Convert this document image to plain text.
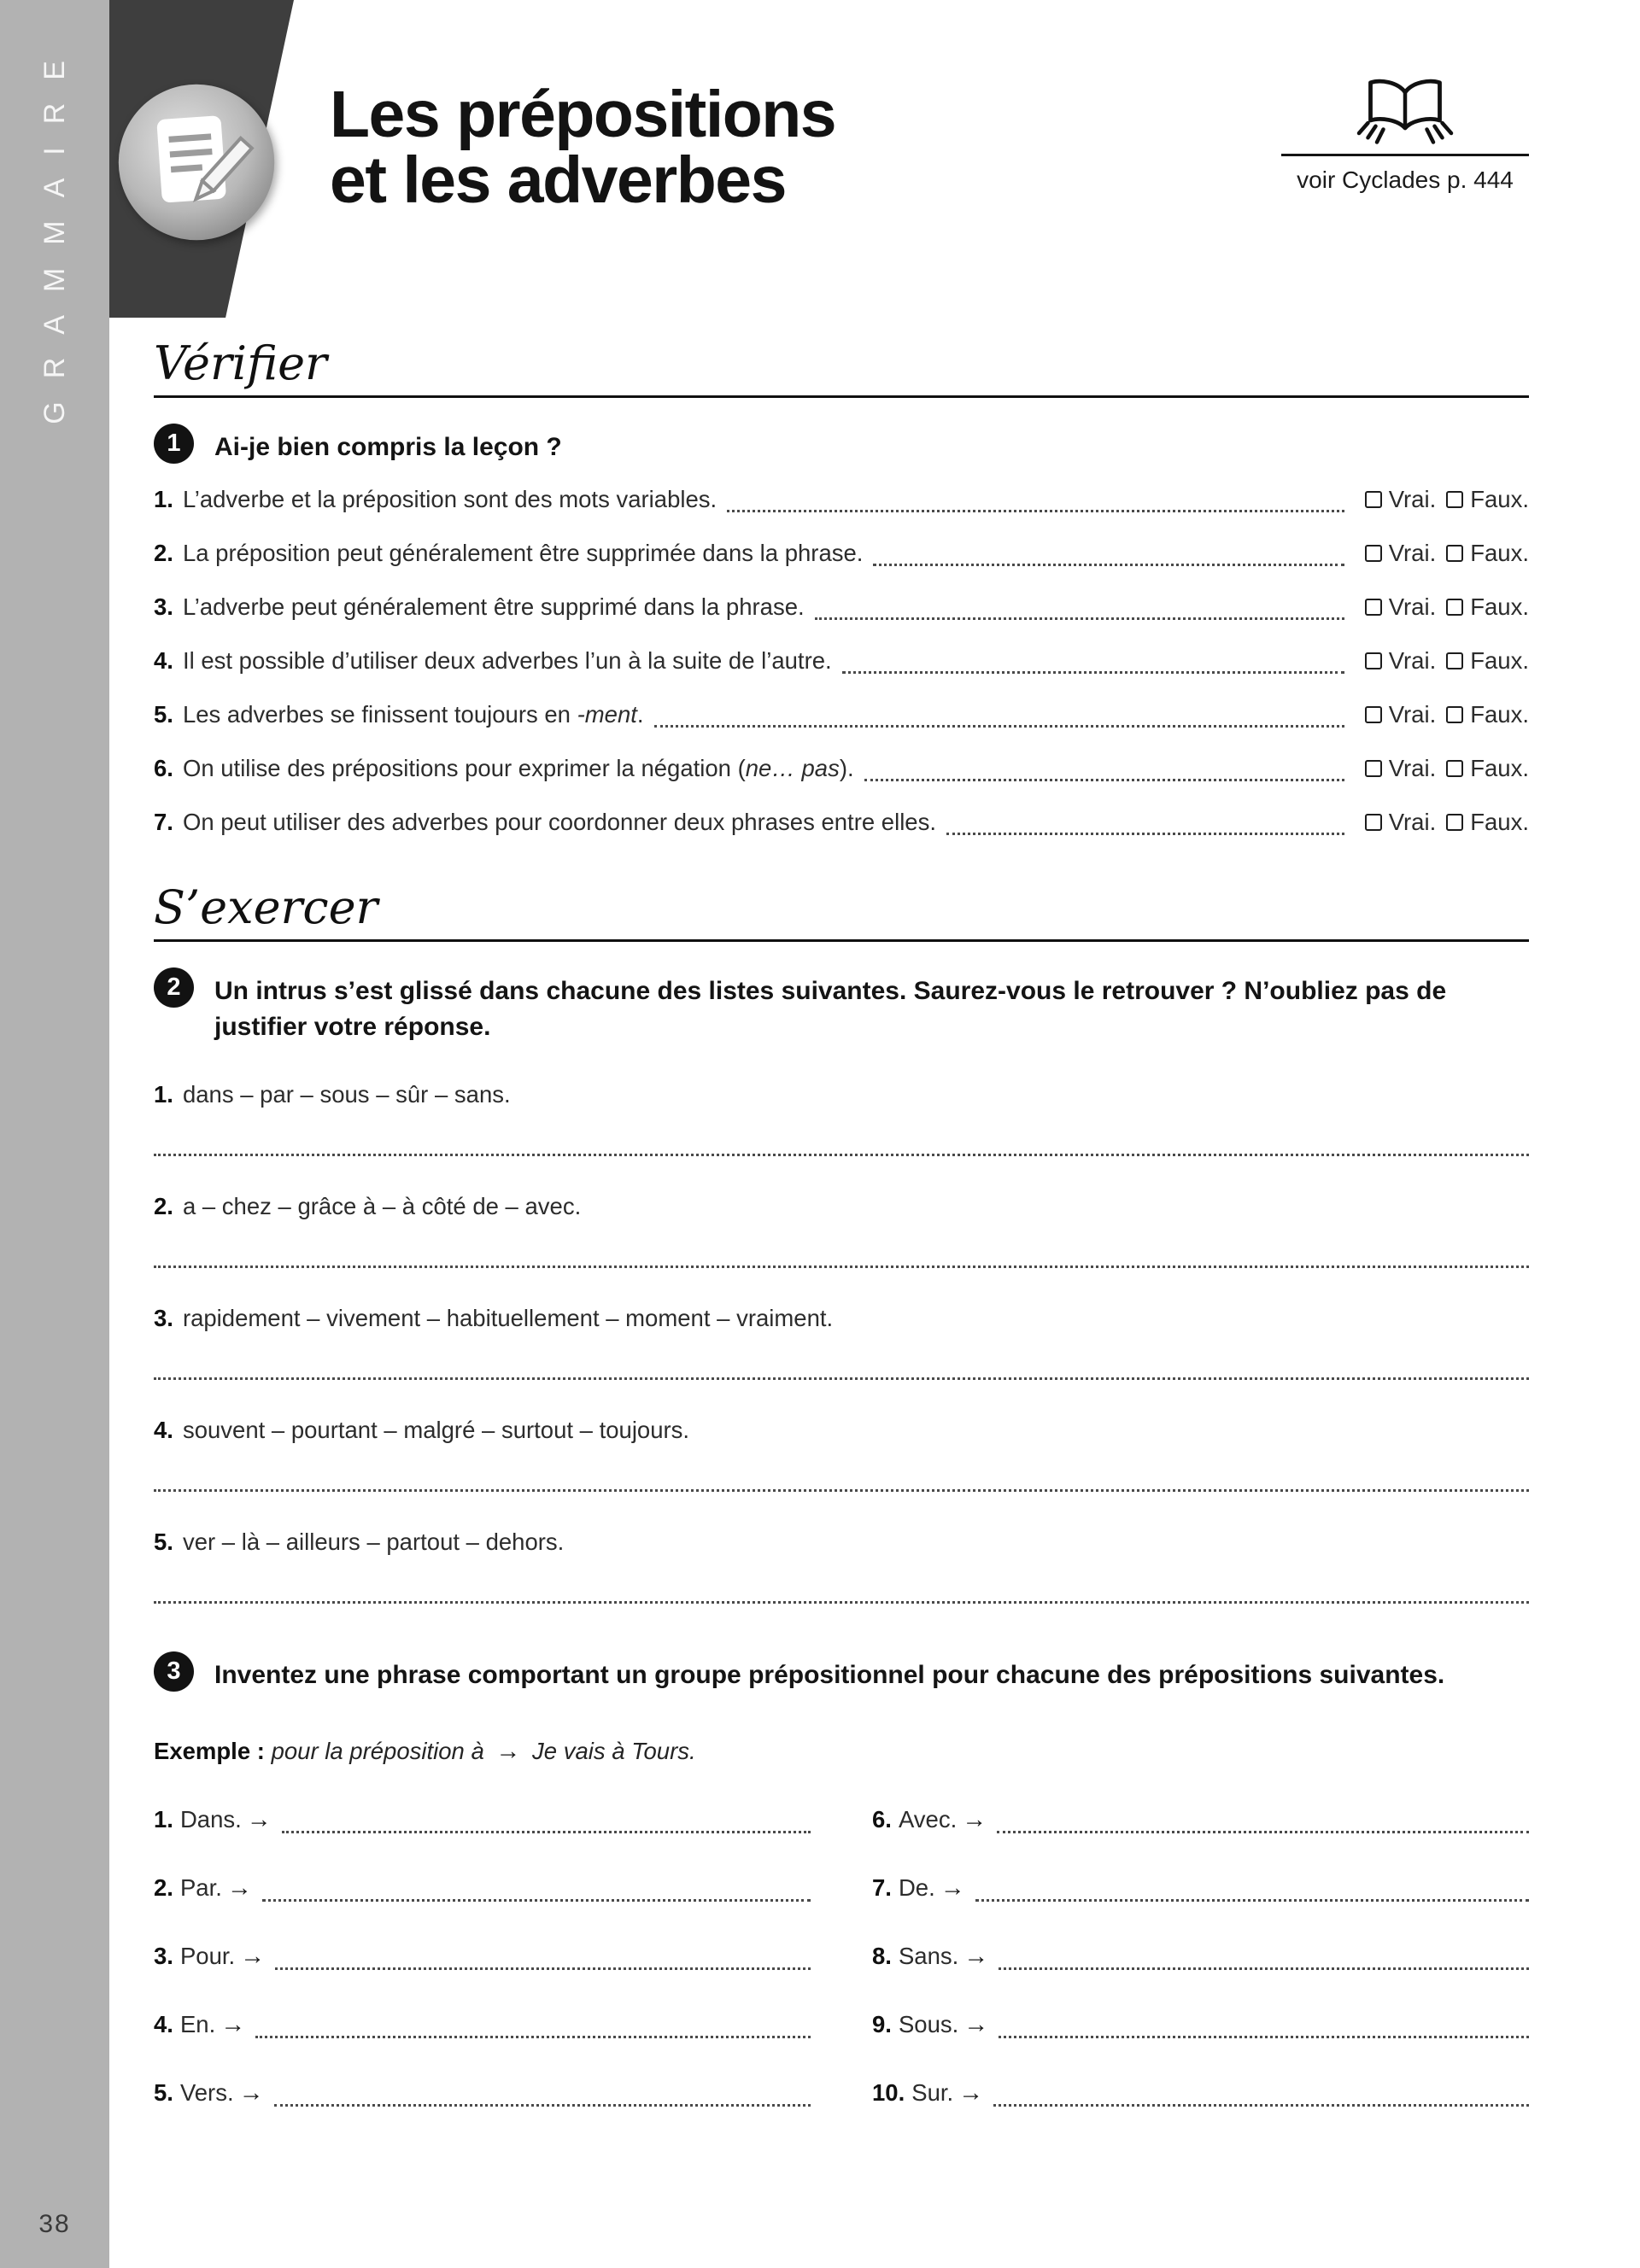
GRAMMAIRE
38
Les prépositions
et les adverbes	voir Cyclades p. 444
Vérifier
1	Ai-je bien compris la leçon ?
1. L’adverbe et la préposition sont des mots variables.	Vrai. Faux.
2. La préposition peut généralement être supprimée dans la phrase.	Vrai. Faux.
3. L’adverbe peut généralement être supprimé dans la phrase.	Vrai. Faux.
4. Il est possible d’utiliser deux adverbes l’un à la suite de l’autre.	Vrai. Faux.
5. Les adverbes se finissent toujours en -ment.	Vrai. Faux.
6. On utilise des prépositions pour exprimer la négation (ne… pas).	Vrai. Faux.
7. On peut utiliser des adverbes pour coordonner deux phrases entre elles.	Vrai. Faux.
S’exercer
2	Un intrus s’est glissé dans chacune des listes suivantes. Saurez-vous le retrouver ? N’oubliez pas de justifier votre réponse.
1. dans – par – sous – sûr – sans.
2. a – chez – grâce à – à côté de – avec.
3. rapidement – vivement – habituellement – moment – vraiment.
4. souvent – pourtant – malgré – surtout – toujours.
5. ver – là – ailleurs – partout – dehors.
3	Inventez une phrase comportant un groupe prépositionnel pour chacune des prépositions suivantes.
Exemple : pour la préposition à → Je vais à Tours.
1. Dans. →
2. Par. →
3. Pour. →
4. En. →
5. Vers. →
6. Avec. →
7. De. →
8. Sans. →
9. Sous. →
10. Sur. →
